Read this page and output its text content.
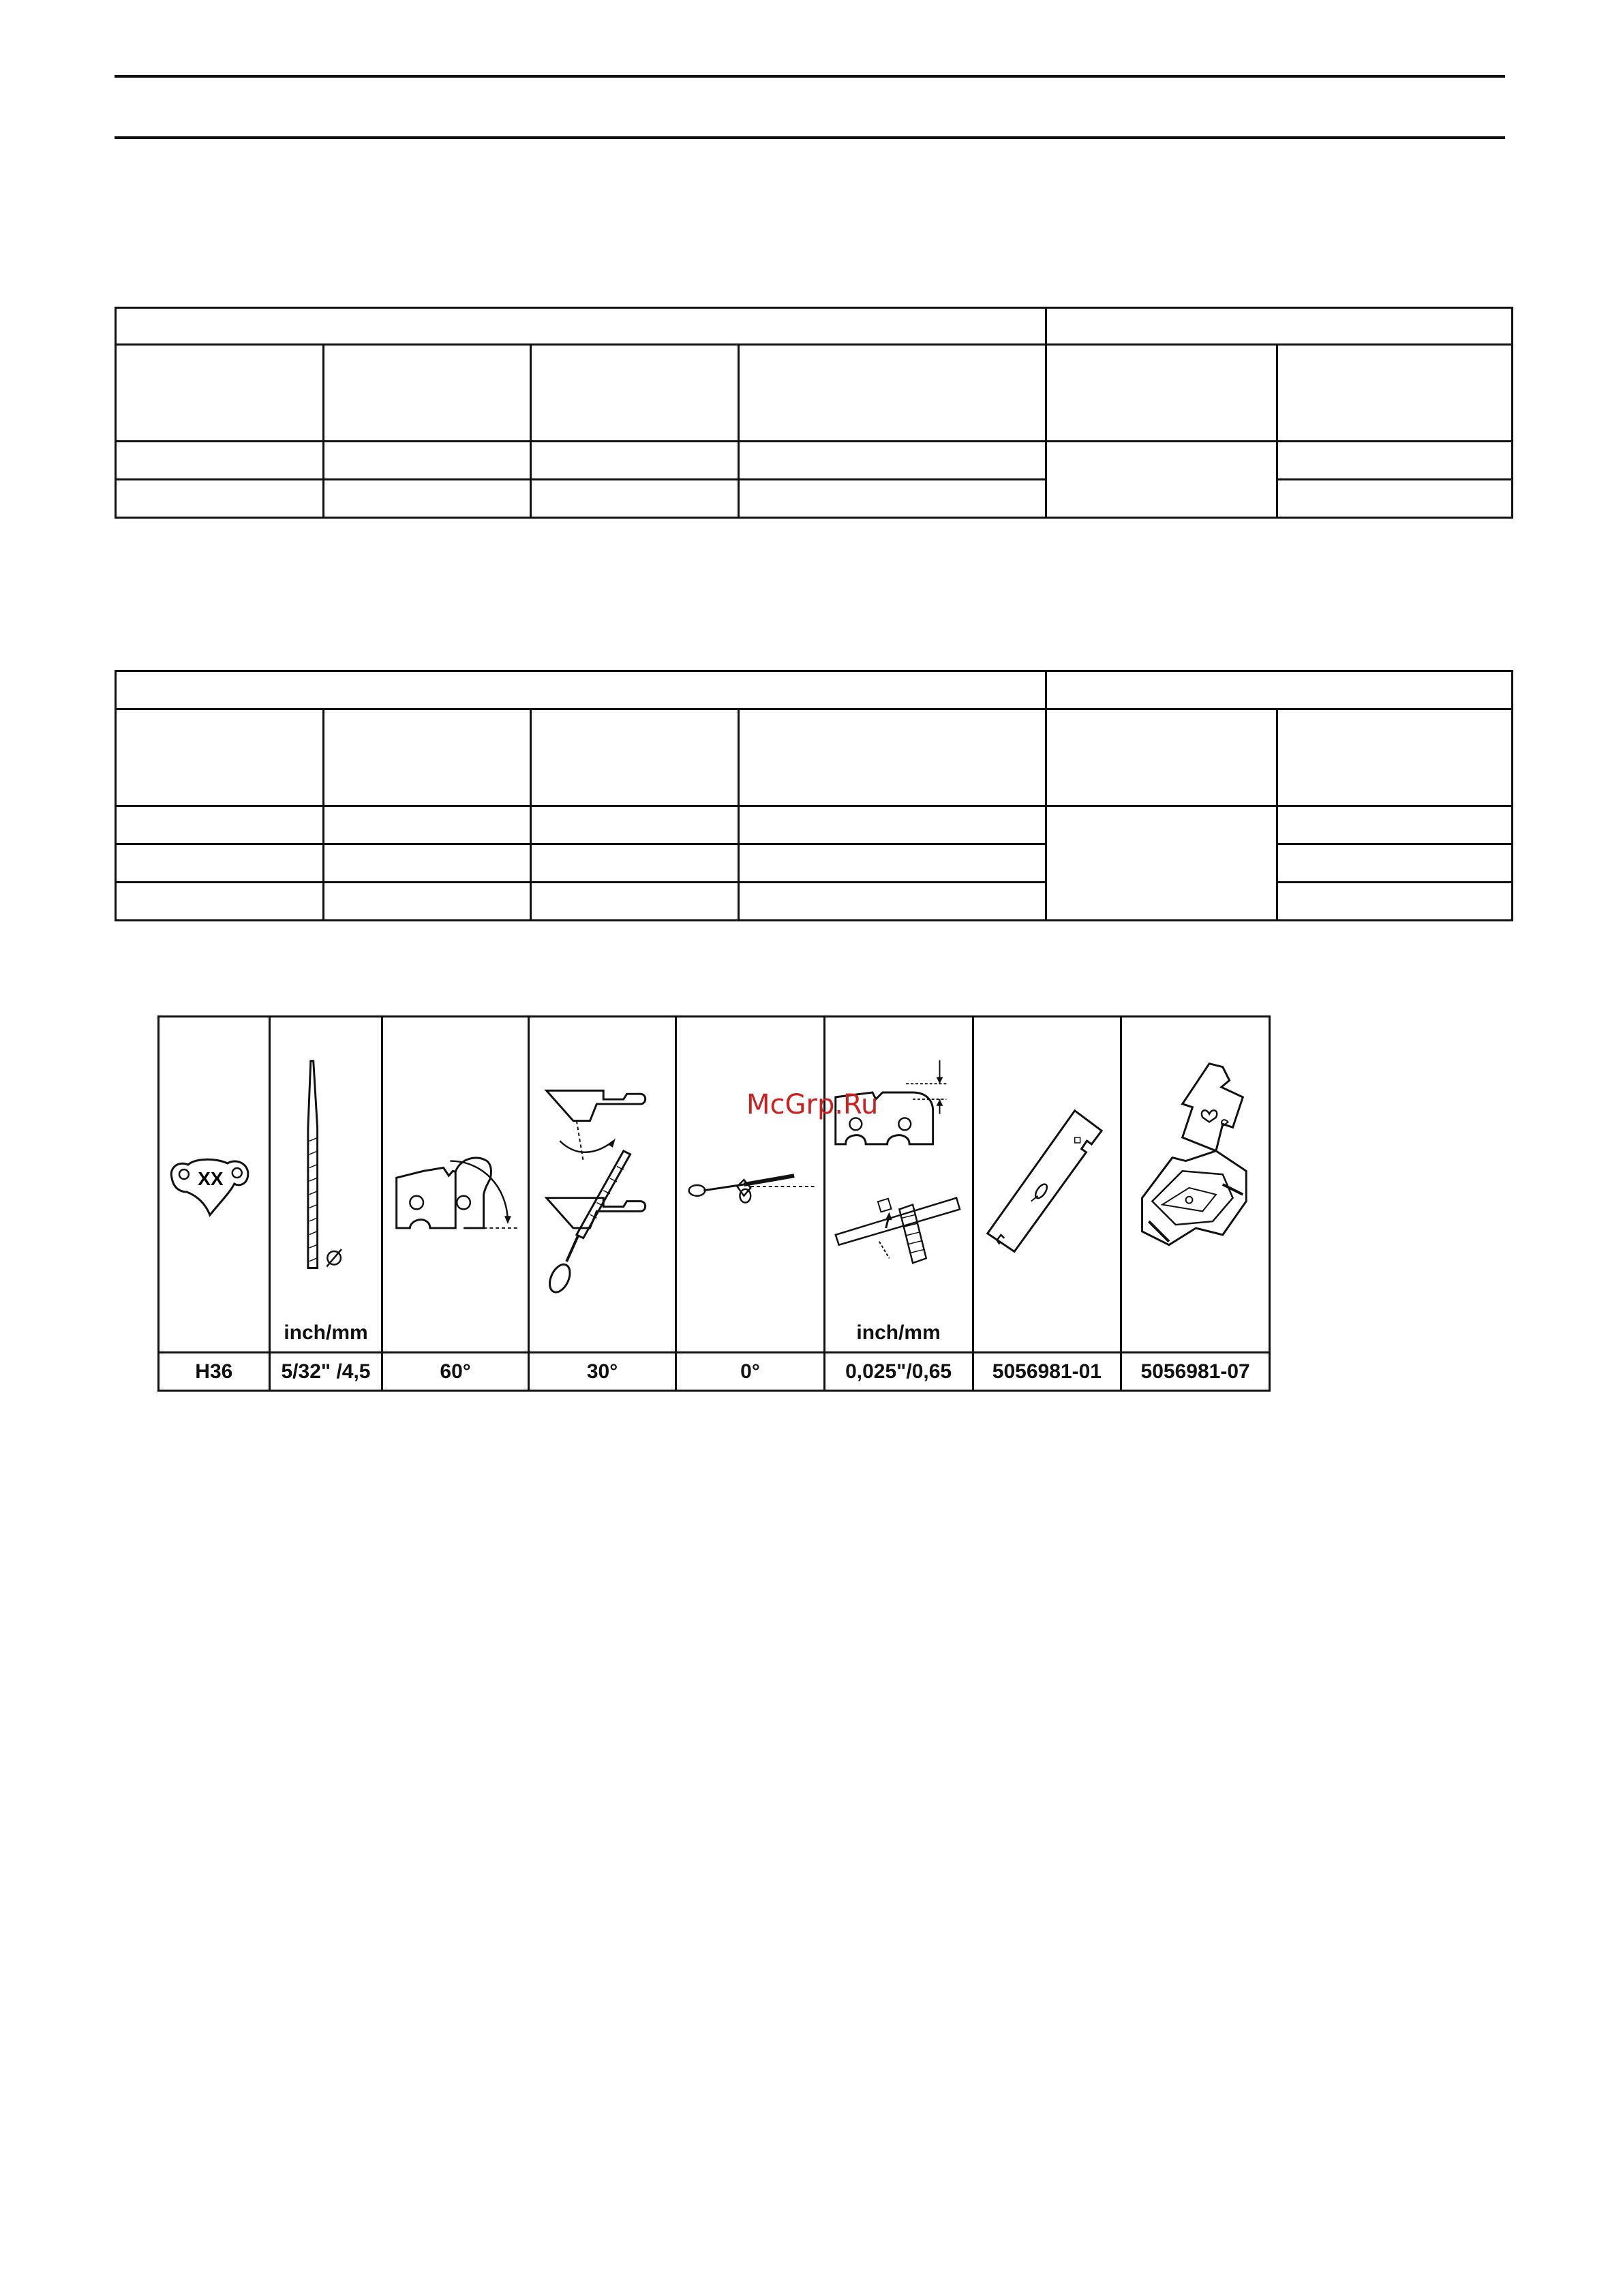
XX	inch/mm				inch/mm

H36	5/32" /4,5	60°	30°	0°	0,025"/0,65	5056981-01	5056981-07
McGrp.Ru
